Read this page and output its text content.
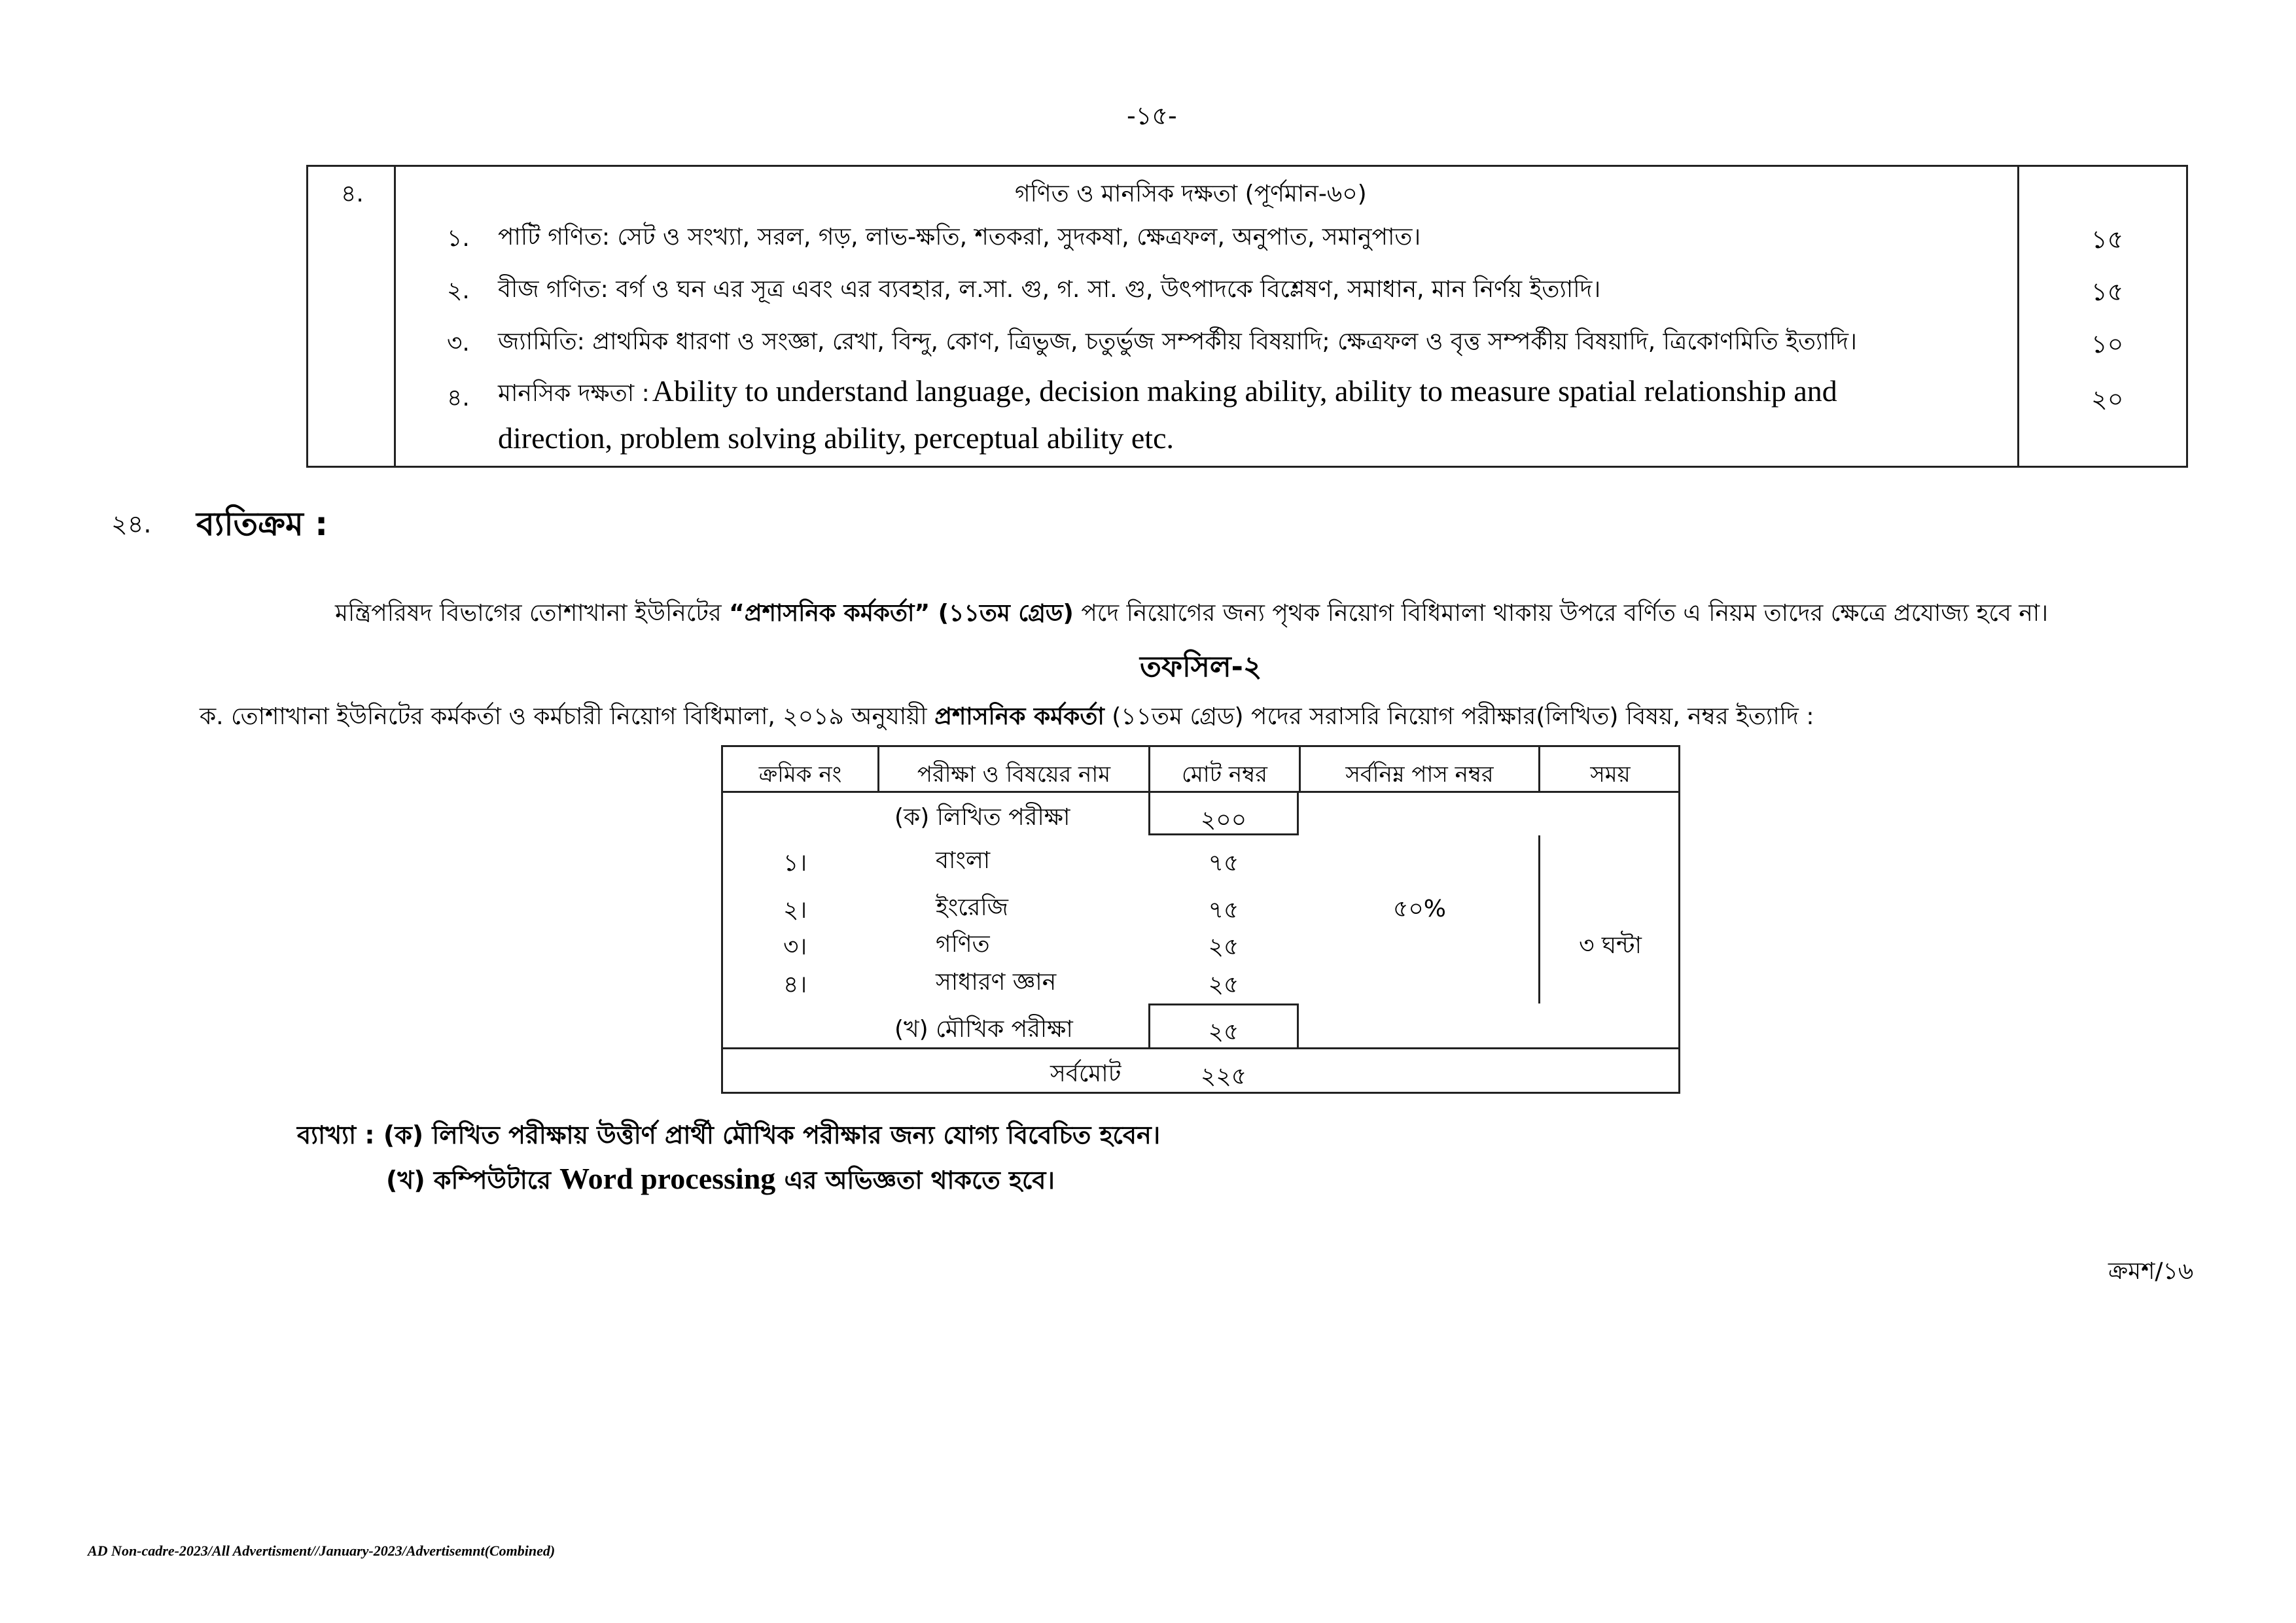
-১৫-
৪.	গণিত ও মানসিক দক্ষতা (পূর্ণমান-৬০)
১. পাটি গণিত: সেট ও সংখ্যা, সরল, গড়, লাভ-ক্ষতি, শতকরা, সুদকষা, ক্ষেত্রফল, অনুপাত, সমানুপাত।	১৫
২. বীজ গণিত: বর্গ ও ঘন এর সূত্র এবং এর ব্যবহার, ল.সা. গু, গ. সা. গু, উৎপাদকে বিশ্লেষণ, সমাধান, মান নির্ণয় ইত্যাদি।	১৫
৩. জ্যামিতি: প্রাথমিক ধারণা ও সংজ্ঞা, রেখা, বিন্দু, কোণ, ত্রিভুজ, চতুর্ভুজ সম্পর্কীয় বিষয়াদি; ক্ষেত্রফল ও বৃত্ত সম্পর্কীয় বিষয়াদি, ত্রিকোণমিতি ইত্যাদি।	১০
৪. মানসিক দক্ষতা : Ability to understand language, decision making ability, ability to measure spatial relationship and
direction, problem solving ability, perceptual ability etc.
২০
২৪. ব্যতিক্রম :
মন্ত্রিপরিষদ বিভাগের তোশাখানা ইউনিটের “প্রশাসনিক কর্মকর্তা” (১১তম গ্রেড) পদে নিয়োগের জন্য পৃথক নিয়োগ বিধিমালা থাকায় উপরে বর্ণিত এ নিয়ম তাদের ক্ষেত্রে প্রযোজ্য হবে না।
তফসিল-২
ক. তোশাখানা ইউনিটের কর্মকর্তা ও কর্মচারী নিয়োগ বিধিমালা, ২০১৯ অনুযায়ী প্রশাসনিক কর্মকর্তা (১১তম গ্রেড) পদের সরাসরি নিয়োগ পরীক্ষার(লিখিত) বিষয়, নম্বর ইত্যাদি :
ক্রমিক নং	পরীক্ষা ও বিষয়ের নাম	মোট নম্বর	সর্বনিম্ন পাস নম্বর	সময়
(ক) লিখিত পরীক্ষা	২০০
১।	বাংলা	৭৫
২।	ইংরেজি	৭৫
৩।	গণিত	২৫
৪।	সাধারণ জ্ঞান	২৫
৫০%
৩ ঘন্টা
(খ) মৌখিক পরীক্ষা	২৫
সর্বমোট	২২৫
ব্যাখ্যা : (ক) লিখিত পরীক্ষায় উত্তীর্ণ প্রার্থী মৌখিক পরীক্ষার জন্য যোগ্য বিবেচিত হবেন।
(খ) কম্পিউটারে Word processing এর অভিজ্ঞতা থাকতে হবে।
ক্রমশ/১৬
AD Non-cadre-2023/All Advertisment//January-2023/Advertisemnt(Combined)
